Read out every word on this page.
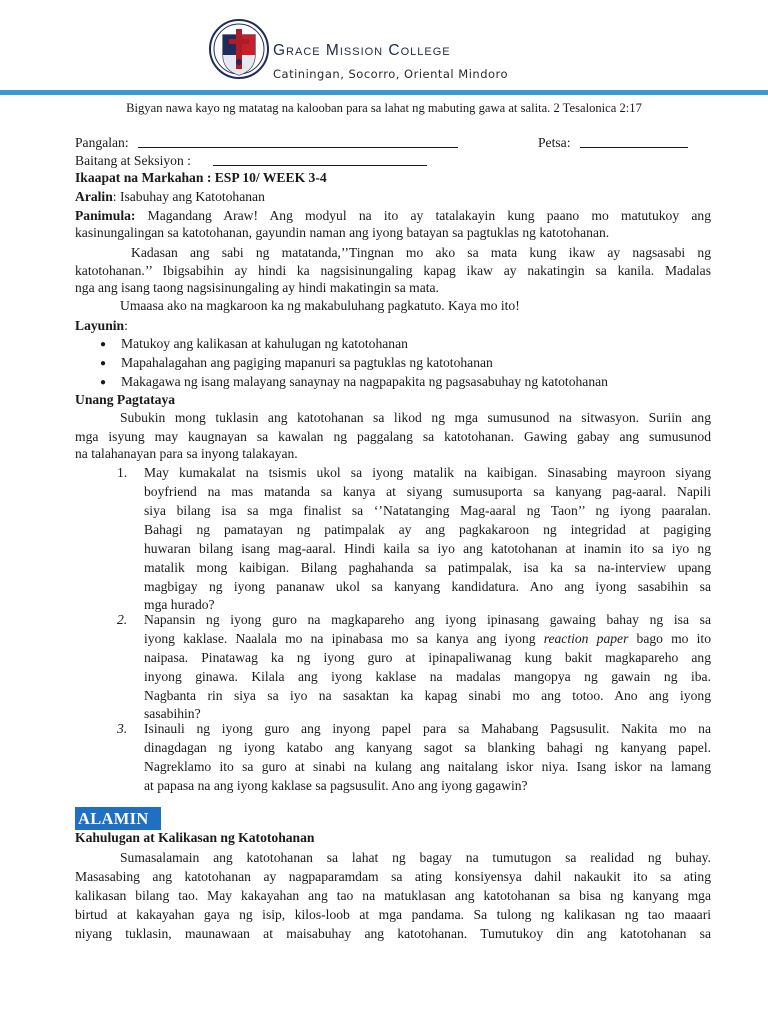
Grace Mission College
Catiningan, Socorro, Oriental Mindoro
Bigyan nawa kayo ng matatag na kalooban para sa lahat ng mabuting gawa at salita. 2 Tesalonica 2:17
Pangalan:	Petsa:
Baitang at Seksiyon :
Ikaapat na Markahan : ESP 10/ WEEK 3-4
Aralin: Isabuhay ang Katotohanan
Panimula: Magandang Araw! Ang modyul na ito ay tatalakayin kung paano mo matutukoy ang
kasinungalingan sa katotohanan, gayundin naman ang iyong batayan sa pagtuklas ng katotohanan.
Kadasan ang sabi ng matatanda,’’Tingnan mo ako sa mata kung ikaw ay nagsasabi ng
katotohanan.’’ Ibigsabihin ay hindi ka nagsisinungaling kapag ikaw ay nakatingin sa kanila. Madalas
nga ang isang taong nagsisinungaling ay hindi makatingin sa mata.
Umaasa ako na magkaroon ka ng makabuluhang pagkatuto. Kaya mo ito!
Layunin:
● Matukoy ang kalikasan at kahulugan ng katotohanan
● Mapahalagahan ang pagiging mapanuri sa pagtuklas ng katotohanan
● Makagawa ng isang malayang sanaynay na nagpapakita ng pagsasabuhay ng katotohanan
Unang Pagtataya
Subukin mong tuklasin ang katotohanan sa likod ng mga sumusunod na sitwasyon. Suriin ang
mga isyung may kaugnayan sa kawalan ng paggalang sa katotohanan. Gawing gabay ang sumusunod
na talahanayan para sa inyong talakayan.
1. May kumakalat na tsismis ukol sa iyong matalik na kaibigan. Sinasabing mayroon siyang
boyfriend na mas matanda sa kanya at siyang sumusuporta sa kanyang pag-aaral. Napili
siya bilang isa sa mga finalist sa ‘’Natatanging Mag-aaral ng Taon’’ ng iyong paaralan.
Bahagi ng pamatayan ng patimpalak ay ang pagkakaroon ng integridad at pagiging
huwaran bilang isang mag-aaral. Hindi kaila sa iyo ang katotohanan at inamin ito sa iyo ng
matalik mong kaibigan. Bilang paghahanda sa patimpalak, isa ka sa na-interview upang
magbigay ng iyong pananaw ukol sa kanyang kandidatura. Ano ang iyong sasabihin sa
mga hurado?
2. Napansin ng iyong guro na magkapareho ang iyong ipinasang gawaing bahay ng isa sa
iyong kaklase. Naalala mo na ipinabasa mo sa kanya ang iyong reaction paper bago mo ito
naipasa. Pinatawag ka ng iyong guro at ipinapaliwanag kung bakit magkapareho ang
inyong ginawa. Kilala ang iyong kaklase na madalas mangopya ng gawain ng iba.
Nagbanta rin siya sa iyo na sasaktan ka kapag sinabi mo ang totoo. Ano ang iyong
sasabihin?
3. Isinauli ng iyong guro ang inyong papel para sa Mahabang Pagsusulit. Nakita mo na
dinagdagan ng iyong katabo ang kanyang sagot sa blanking bahagi ng kanyang papel.
Nagreklamo ito sa guro at sinabi na kulang ang naitalang iskor niya. Isang iskor na lamang
at papasa na ang iyong kaklase sa pagsusulit. Ano ang iyong gagawin?
ALAMIN
Kahulugan at Kalikasan ng Katotohanan
Sumasalamain ang katotohanan sa lahat ng bagay na tumutugon sa realidad ng buhay.
Masasabing ang katotohanan ay nagpaparamdam sa ating konsiyensya dahil nakaukit ito sa ating
kalikasan bilang tao. May kakayahan ang tao na matuklasan ang katotohanan sa bisa ng kanyang mga
birtud at kakayahan gaya ng isip, kilos-loob at mga pandama. Sa tulong ng kalikasan ng tao maaari
niyang tuklasin, maunawaan at maisabuhay ang katotohanan. Tumutukoy din ang katotohanan sa
